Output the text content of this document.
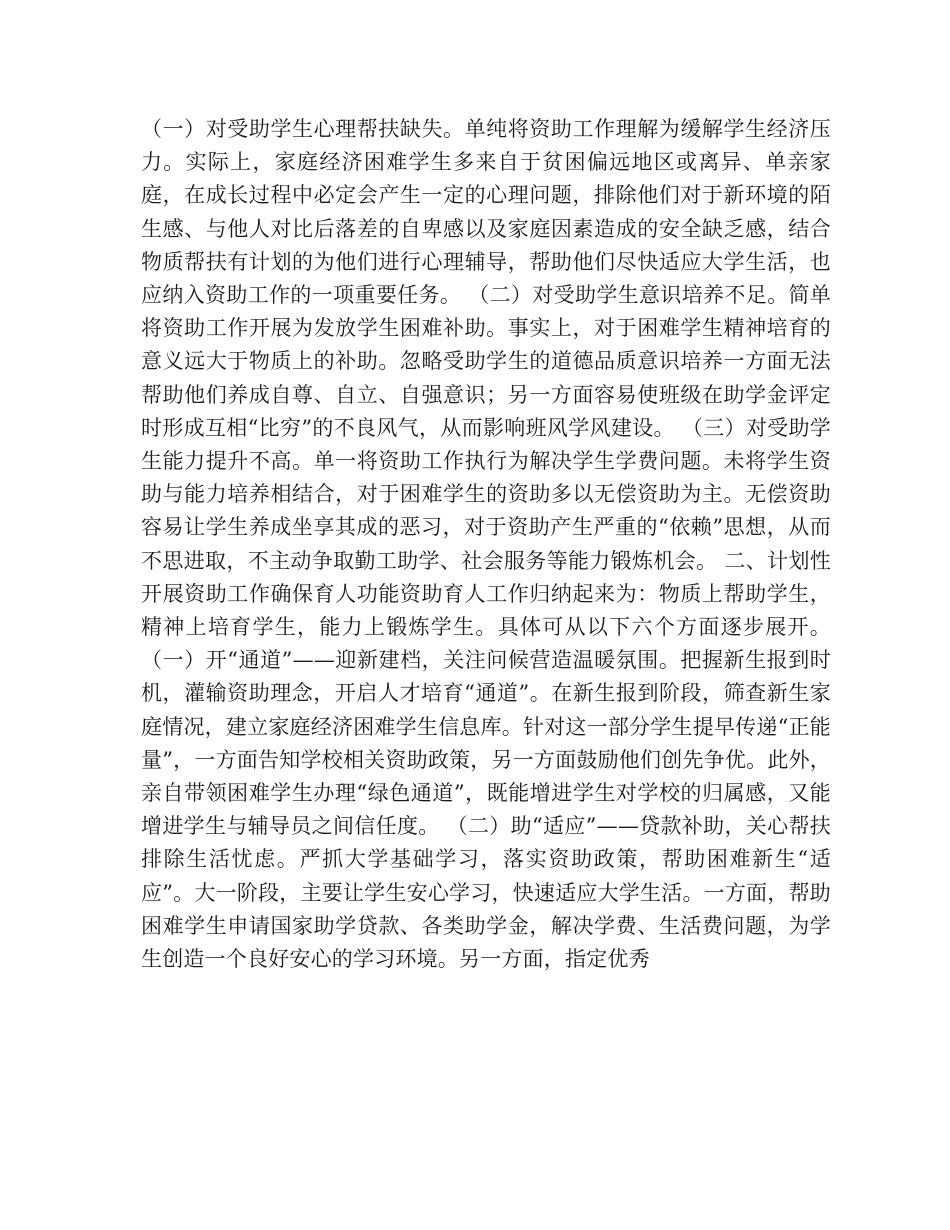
（一）对受助学生心理帮扶缺失。单纯将资助工作理解为缓解学生经济压力。实际上，家庭经济困难学生多来自于贫困偏远地区或离异、单亲家庭，在成长过程中必定会产生一定的心理问题，排除他们对于新环境的陌生感、与他人对比后落差的自卑感以及家庭因素造成的安全缺乏感，结合物质帮扶有计划的为他们进行心理辅导，帮助他们尽快适应大学生活，也应纳入资助工作的一项重要任务。 （二）对受助学生意识培养不足。简单将资助工作开展为发放学生困难补助。事实上，对于困难学生精神培育的意义远大于物质上的补助。忽略受助学生的道德品质意识培养一方面无法帮助他们养成自尊、自立、自强意识；另一方面容易使班级在助学金评定时形成互相“比穷”的不良风气，从而影响班风学风建设。 （三）对受助学生能力提升不高。单一将资助工作执行为解决学生学费问题。未将学生资助与能力培养相结合，对于困难学生的资助多以无偿资助为主。无偿资助容易让学生养成坐享其成的恶习，对于资助产生严重的“依赖”思想，从而不思进取，不主动争取勤工助学、社会服务等能力锻炼机会。 二、计划性开展资助工作确保育人功能资助育人工作归纳起来为：物质上帮助学生，精神上培育学生，能力上锻炼学生。具体可从以下六个方面逐步展开。 （一）开“通道”——迎新建档，关注问候营造温暖氛围。把握新生报到时机，灌输资助理念，开启人才培育“通道”。在新生报到阶段，筛查新生家庭情况，建立家庭经济困难学生信息库。针对这一部分学生提早传递“正能量”，一方面告知学校相关资助政策，另一方面鼓励他们创先争优。此外，亲自带领困难学生办理“绿色通道”，既能增进学生对学校的归属感，又能增进学生与辅导员之间信任度。 （二）助“适应”——贷款补助，关心帮扶排除生活忧虑。严抓大学基础学习，落实资助政策，帮助困难新生“适应”。大一阶段，主要让学生安心学习，快速适应大学生活。一方面，帮助困难学生申请国家助学贷款、各类助学金，解决学费、生活费问题，为学生创造一个良好安心的学习环境。另一方面，指定优秀
